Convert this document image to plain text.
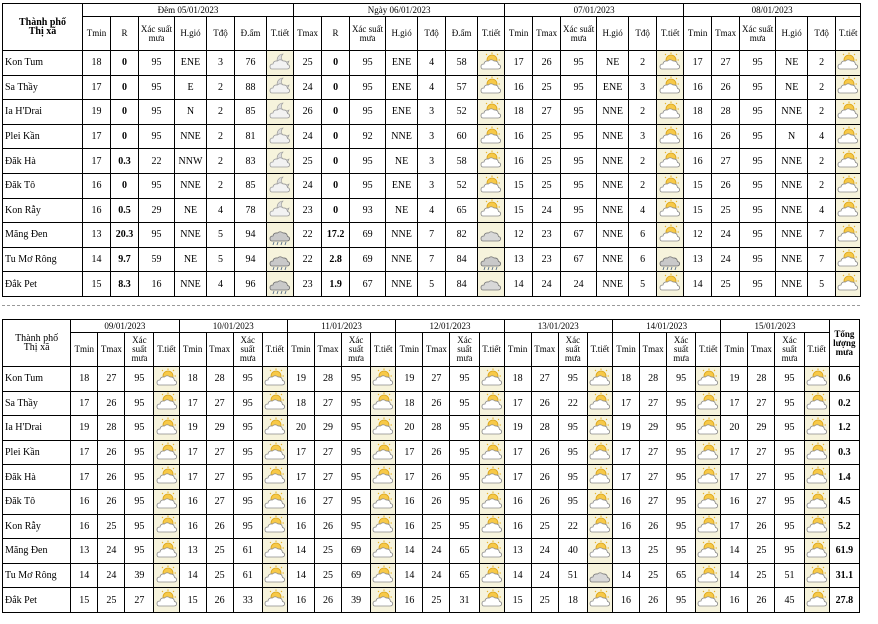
Thành phố
Thị xã	Đêm 05/01/2023							Ngày 06/01/2023							07/01/2023						08/01/2023					
	Tmin	R	Xác suất mưa	H.gió	Tđộ	Đ.ẩm	T.tiết	Tmax	R	Xác suất mưa	H.gió	Tđộ	Đ.ẩm	T.tiết	Tmin	Tmax	Xác suất mưa	H.gió	Tđộ	T.tiết	Tmin	Tmax	Xác suất mưa	H.gió	Tđộ	T.tiết
Kon Tum	18	0	95	ENE	3	76		25	0	95	ENE	4	58		17	26	95	NE	2		17	27	95	NE	2	

Sa Thầy	17	0	95	E	2	88		24	0	95	ENE	4	57		16	25	95	ENE	3		16	26	95	NE	2	

Ia H'Drai	19	0	95	N	2	85		26	0	95	ENE	3	52		18	27	95	NNE	2		18	28	95	NNE	2	

Plei Kần	17	0	95	NNE	2	81		24	0	92	NNE	3	60		16	25	95	NNE	3		16	26	95	N	4	

Đăk Hà	17	0.3	22	NNW	2	83		25	0	95	NE	3	58		16	25	95	NNE	2		16	27	95	NNE	2	

Đăk Tô	16	0	95	NNE	2	85		24	0	95	ENE	3	52		15	25	95	NNE	2		15	26	95	NNE	2	

Kon Rẫy	16	0.5	29	NE	4	78		23	0	93	NE	4	65		15	24	95	NNE	4		15	25	95	NNE	4	

Măng Đen	13	20.3	95	NNE	5	94		22	17.2	69	NNE	7	82		12	23	67	NNE	6		12	24	95	NNE	7	

Tu Mơ Rông	14	9.7	59	NE	5	94		22	2.8	69	NNE	7	84		13	23	67	NNE	6		13	24	95	NNE	7	

Đắk Pet	15	8.3	16	NNE	4	96		23	1.9	67	NNE	5	84		14	24	24	NNE	5		14	25	95	NNE	5	
Thành phố
Thị xã	09/01/2023				10/01/2023				11/01/2023				12/01/2023				13/01/2023				14/01/2023				15/01/2023				Tổng lượng mưa
	Tmin	Tmax	Xác suất mưa	T.tiết	Tmin	Tmax	Xác suất mưa	T.tiết	Tmin	Tmax	Xác suất mưa	T.tiết	Tmin	Tmax	Xác suất mưa	T.tiết	Tmin	Tmax	Xác suất mưa	T.tiết	Tmin	Tmax	Xác suất mưa	T.tiết	Tmin	Tmax	Xác suất mưa	T.tiết	
Kon Tum	18	27	95		18	28	95		19	28	95		19	27	95		18	27	95		18	28	95		19	28	95		0.6
Sa Thầy	17	26	95		17	27	95		18	27	95		18	26	95		17	26	22		17	27	95		17	27	95		0.2
Ia H'Drai	19	28	95		19	29	95		20	29	95		20	28	95		19	28	95		19	29	95		20	29	95		1.2
Plei Kần	17	26	95		17	27	95		17	27	95		17	26	95		17	26	95		17	27	95		17	27	95		0.3
Đăk Hà	17	26	95		17	27	95		17	27	95		17	26	95		17	26	95		17	27	95		17	27	95		1.4
Đăk Tô	16	26	95		16	27	95		16	27	95		16	26	95		16	26	95		16	27	95		16	27	95		4.5
Kon Rẫy	16	25	95		16	26	95		16	26	95		16	25	95		16	25	22		16	26	95		17	26	95		5.2
Măng Đen	13	24	95		13	25	61		14	25	69		14	24	65		13	24	40		13	25	95		14	25	95		61.9
Tu Mơ Rông	14	24	39		14	25	61		14	25	69		14	24	65		14	24	51		14	25	65		14	25	51		31.1
Đắk Pet	15	25	27		15	26	33		16	26	39		16	25	31		15	25	18		16	26	95		16	26	45		27.8
